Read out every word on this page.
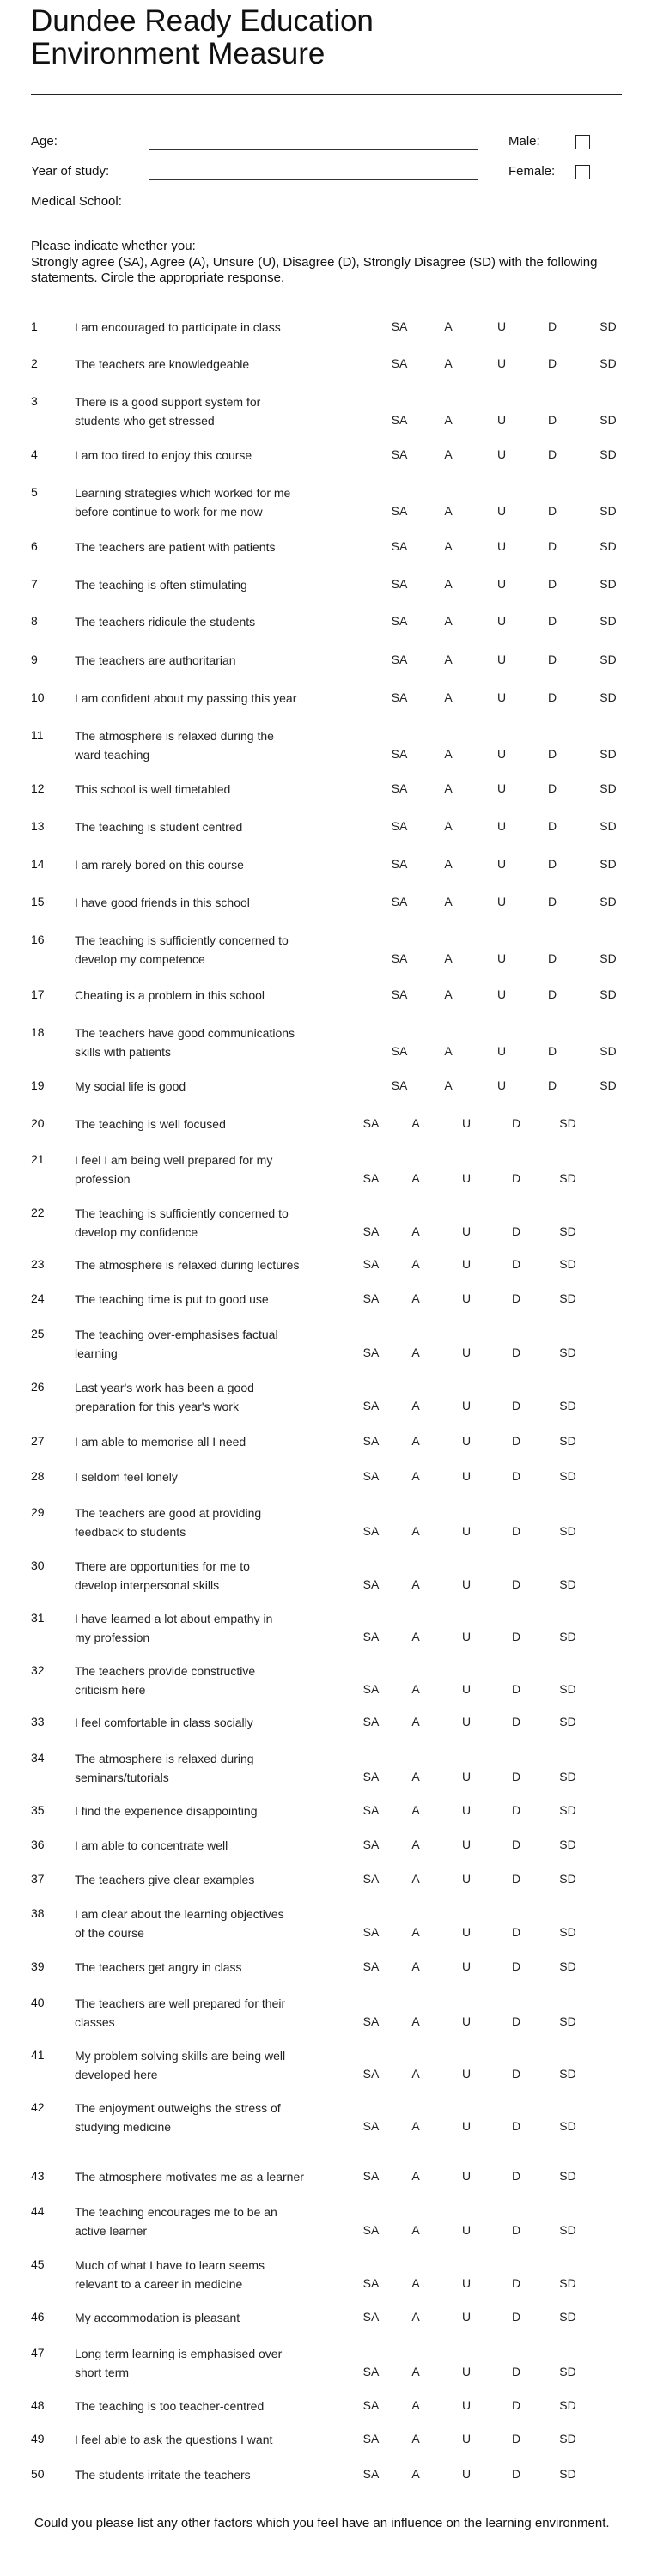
Dundee Ready Education
Environment Measure
Age:
Year of study:
Medical School:
Male:
Female:
Please indicate whether you:
Strongly agree (SA), Agree (A), Unsure (U), Disagree (D), Strongly Disagree (SD) with the following statements. Circle the appropriate response.
1	I am encouraged to participate in class	SA	A	U	D	SD
2	The teachers are knowledgeable	SA	A	U	D	SD
3	There is a good support system for
students who get stressed	SA	A	U	D	SD
4	I am too tired to enjoy this course	SA	A	U	D	SD
5	Learning strategies which worked for me
before continue to work for me now	SA	A	U	D	SD
6	The teachers are patient with patients	SA	A	U	D	SD
7	The teaching is often stimulating	SA	A	U	D	SD
8	The teachers ridicule the students	SA	A	U	D	SD
9	The teachers are authoritarian	SA	A	U	D	SD
10	I am confident about my passing this year	SA	A	U	D	SD
11	The atmosphere is relaxed during the
ward teaching	SA	A	U	D	SD
12	This school is well timetabled	SA	A	U	D	SD
13	The teaching is student centred	SA	A	U	D	SD
14	I am rarely bored on this course	SA	A	U	D	SD
15	I have good friends in this school	SA	A	U	D	SD
16	The teaching is sufficiently concerned to
develop my competence	SA	A	U	D	SD
17	Cheating is a problem in this school	SA	A	U	D	SD
18	The teachers have good communications
skills with patients	SA	A	U	D	SD
19	My social life is good	SA	A	U	D	SD
20	The teaching is well focused	SA	A	U	D	SD
21	I feel I am being well prepared for my
profession	SA	A	U	D	SD
22	The teaching is sufficiently concerned to
develop my confidence	SA	A	U	D	SD
23	The atmosphere is relaxed during lectures	SA	A	U	D	SD
24	The teaching time is put to good use	SA	A	U	D	SD
25	The teaching over-emphasises factual
learning	SA	A	U	D	SD
26	Last year's work has been a good
preparation for this year's work	SA	A	U	D	SD
27	I am able to memorise all I need	SA	A	U	D	SD
28	I seldom feel lonely	SA	A	U	D	SD
29	The teachers are good at providing
feedback to students	SA	A	U	D	SD
30	There are opportunities for me to
develop interpersonal skills	SA	A	U	D	SD
31	I have learned a lot about empathy in
my profession	SA	A	U	D	SD
32	The teachers provide constructive
criticism here	SA	A	U	D	SD
33	I feel comfortable in class socially	SA	A	U	D	SD
34	The atmosphere is relaxed during
seminars/tutorials	SA	A	U	D	SD
35	I find the experience disappointing	SA	A	U	D	SD
36	I am able to concentrate well	SA	A	U	D	SD
37	The teachers give clear examples	SA	A	U	D	SD
38	I am clear about the learning objectives
of the course	SA	A	U	D	SD
39	The teachers get angry in class	SA	A	U	D	SD
40	The teachers are well prepared for their
classes	SA	A	U	D	SD
41	My problem solving skills are being well
developed here	SA	A	U	D	SD
42	The enjoyment outweighs the stress of
studying medicine	SA	A	U	D	SD
43	The atmosphere motivates me as a learner	SA	A	U	D	SD
44	The teaching encourages me to be an
active learner	SA	A	U	D	SD
45	Much of what I have to learn seems
relevant to a career in medicine	SA	A	U	D	SD
46	My accommodation is pleasant	SA	A	U	D	SD
47	Long term learning is emphasised over
short term	SA	A	U	D	SD
48	The teaching is too teacher-centred	SA	A	U	D	SD
49	I feel able to ask the questions I want	SA	A	U	D	SD
50	The students irritate the teachers	SA	A	U	D	SD
Could you please list any other factors which you feel have an influence on the learning environment.
